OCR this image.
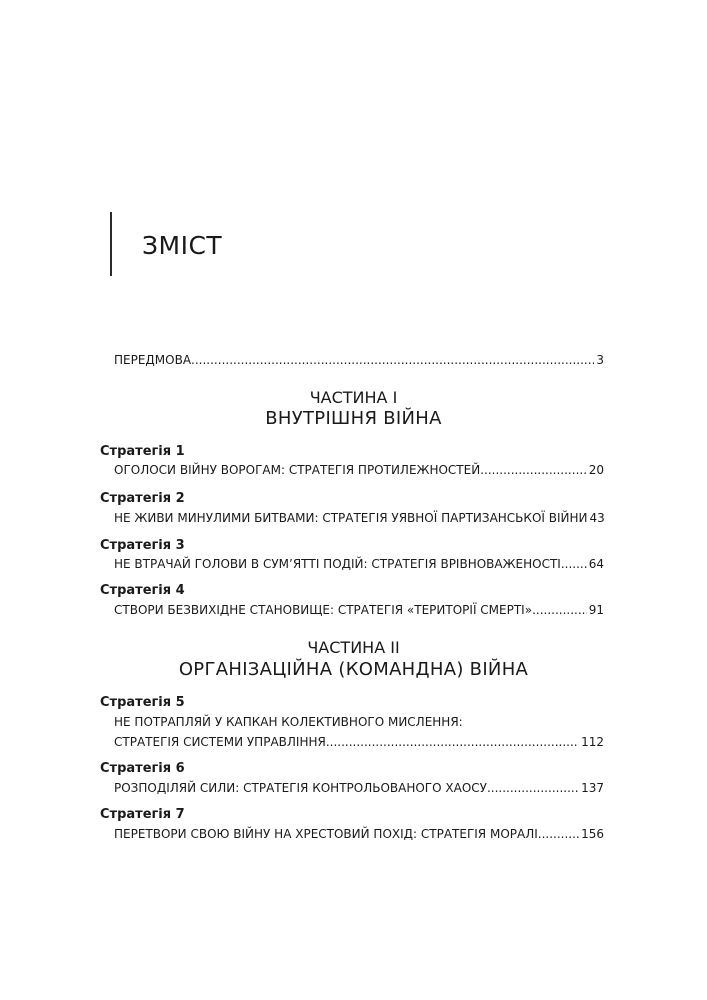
ЗМІСТ
ПЕРЕДМОВА .....	3
ЧАСТИНА І
ВНУТРІШНЯ ВІЙНА
Стратегія 1
ОГОЛОСИ ВІЙНУ ВОРОГАМ: СТРАТЕГІЯ ПРОТИЛЕЖНОСТЕЙ .....	20
Стратегія 2
НЕ ЖИВИ МИНУЛИМИ БИТВАМИ: СТРАТЕГІЯ УЯВНОЇ ПАРТИЗАНСЬКОЇ ВІЙНИ 43
Стратегія 3
НЕ ВТРАЧАЙ ГОЛОВИ В СУМ’ЯТТІ ПОДІЙ: СТРАТЕГІЯ ВРІВНОВАЖЕНОСТІ ..... 64
Стратегія 4
СТВОРИ БЕЗВИХІДНЕ СТАНОВИЩЕ: СТРАТЕГІЯ «ТЕРИТОРІЇ СМЕРТІ» .....	91
ЧАСТИНА ІІ
ОРГАНІЗАЦІЙНА (КОМАНДНА) ВІЙНА
Стратегія 5
НЕ ПОТРАПЛЯЙ У КАПКАН КОЛЕКТИВНОГО МИСЛЕННЯ:
СТРАТЕГІЯ СИСТЕМИ УПРАВЛІННЯ .....	112
Стратегія 6
РОЗПОДІЛЯЙ СИЛИ: СТРАТЕГІЯ КОНТРОЛЬОВАНОГО ХАОСУ .....	137
Стратегія 7
ПЕРЕТВОРИ СВОЮ ВІЙНУ НА ХРЕСТОВИЙ ПОХІД: СТРАТЕГІЯ МОРАЛІ .....	156
